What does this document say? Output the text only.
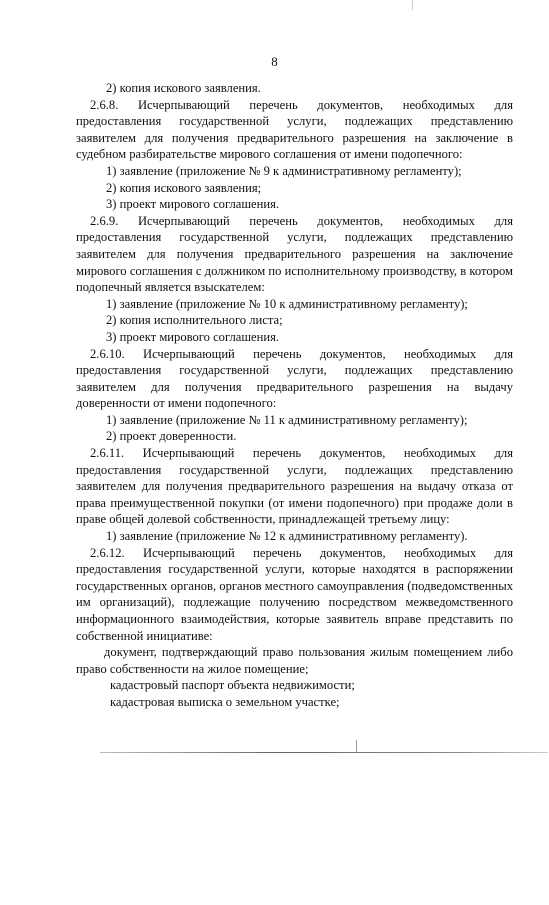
8

2) копия искового заявления.

2.6.8. Исчерпывающий перечень документов, необходимых для предоставления государственной услуги, подлежащих представлению заявителем для получения предварительного разрешения на заключение в судебном разбирательстве мирового соглашения от имени подопечного:

1) заявление (приложение № 9 к административному регламенту);

2) копия искового заявления;

3) проект мирового соглашения.

2.6.9. Исчерпывающий перечень документов, необходимых для предоставления государственной услуги, подлежащих представлению заявителем для получения предварительного разрешения на заключение мирового соглашения с должником по исполнительному производству, в котором подопечный является взыскателем:

1) заявление (приложение № 10 к административному регламенту);

2) копия исполнительного листа;

3) проект мирового соглашения.

2.6.10. Исчерпывающий перечень документов, необходимых для предоставления государственной услуги, подлежащих представлению заявителем для получения предварительного разрешения на выдачу доверенности от имени подопечного:

1) заявление (приложение № 11 к административному регламенту);

2) проект доверенности.

2.6.11. Исчерпывающий перечень документов, необходимых для предоставления государственной услуги, подлежащих представлению заявителем для получения предварительного разрешения на выдачу отказа от права преимущественной покупки (от имени подопечного) при продаже доли в праве общей долевой собственности, принадлежащей третьему лицу:

1) заявление (приложение № 12 к административному регламенту).

2.6.12. Исчерпывающий перечень документов, необходимых для предоставления государственной услуги, которые находятся в распоряжении государственных органов, органов местного самоуправления (подведомственных им организаций), подлежащие получению посредством межведомственного информационного взаимодействия, которые заявитель вправе представить по собственной инициативе:

документ, подтверждающий право пользования жилым помещением либо право собственности на жилое помещение;

кадастровый паспорт объекта недвижимости;

кадастровая выписка о земельном участке;
